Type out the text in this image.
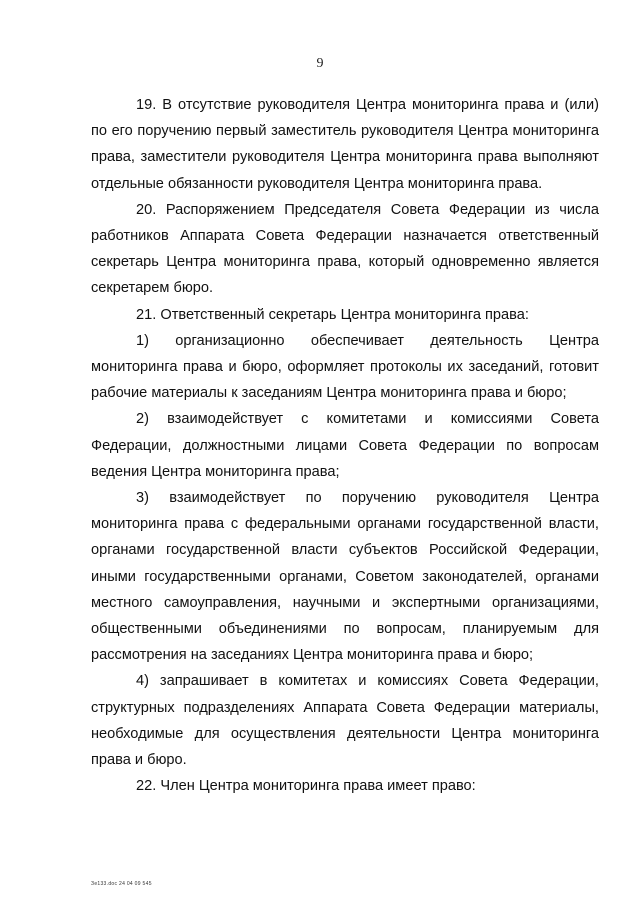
9

19. В отсутствие руководителя Центра мониторинга права и (или) по его поручению первый заместитель руководителя Центра мониторинга права, заместители руководителя Центра мониторинга права выполняют отдельные обязанности руководителя Центра мониторинга права.

20. Распоряжением Председателя Совета Федерации из числа работников Аппарата Совета Федерации назначается ответственный секретарь Центра мониторинга права, который одновременно является секретарем бюро.

21. Ответственный секретарь Центра мониторинга права:

1) организационно обеспечивает деятельность Центра мониторинга права и бюро, оформляет протоколы их заседаний, готовит рабочие материалы к заседаниям Центра мониторинга права и бюро;

2) взаимодействует с комитетами и комиссиями Совета Федерации, должностными лицами Совета Федерации по вопросам ведения Центра мониторинга права;

3) взаимодействует по поручению руководителя Центра мониторинга права с федеральными органами государственной власти, органами государственной власти субъектов Российской Федерации, иными государственными органами, Советом законодателей, органами местного самоуправления, научными и экспертными организациями, общественными объединениями по вопросам, планируемым для рассмотрения на заседаниях Центра мониторинга права и бюро;

4) запрашивает в комитетах и комиссиях Совета Федерации, структурных подразделениях Аппарата Совета Федерации материалы, необходимые для осуществления деятельности Центра мониторинга права и бюро.

22. Член Центра мониторинга права имеет право:

Зе133.doc 24 04 09 545
